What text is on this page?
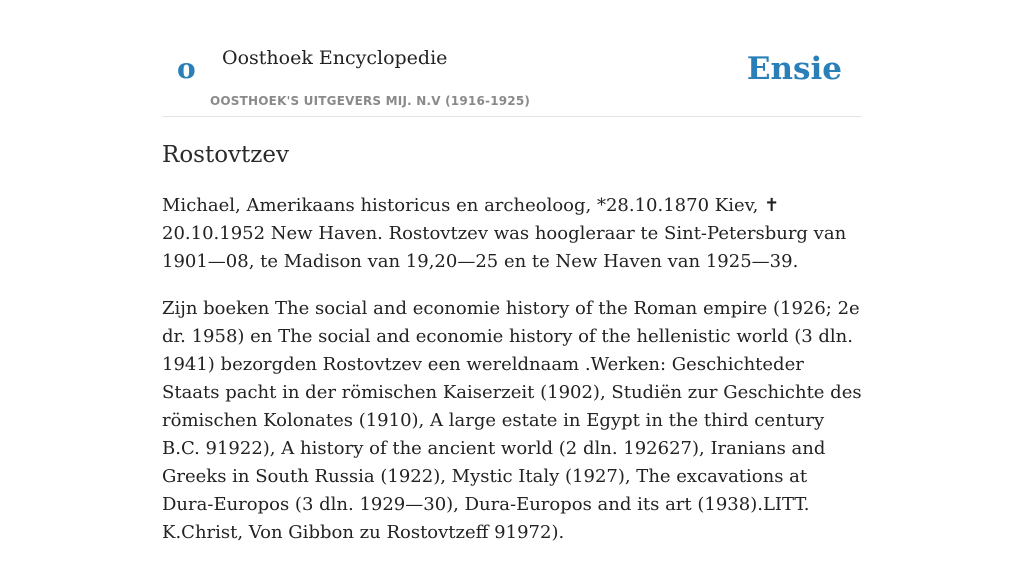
o Oosthoek Encyclopedie
OOSTHOEK'S UITGEVERS MIJ. N.V (1916-1925)
Ensie
Rostovtzev

Michael, Amerikaans historicus en archeoloog, *28.10.1870 Kiev, ✝ 20.10.1952 New Haven. Rostovtzev was hoogleraar te Sint-Petersburg van 1901—08, te Madison van 19,20—25 en te New Haven van 1925—39.

Zijn boeken The social and economie history of the Roman empire (1926; 2e dr. 1958) en The social and economie history of the hellenistic world (3 dln. 1941) bezorgden Rostovtzev een wereldnaam .Werken: Geschichteder Staats pacht in der römischen Kaiserzeit (1902), Studiën zur Geschichte des römischen Kolonates (1910), A large estate in Egypt in the third century B.C. 91922), A history of the ancient world (2 dln. 192627), Iranians and Greeks in South Russia (1922), Mystic Italy (1927), The excavations at Dura-Europos (3 dln. 1929—30), Dura-Europos and its art (1938).LITT. K.Christ, Von Gibbon zu Rostovtzeff 91972).
